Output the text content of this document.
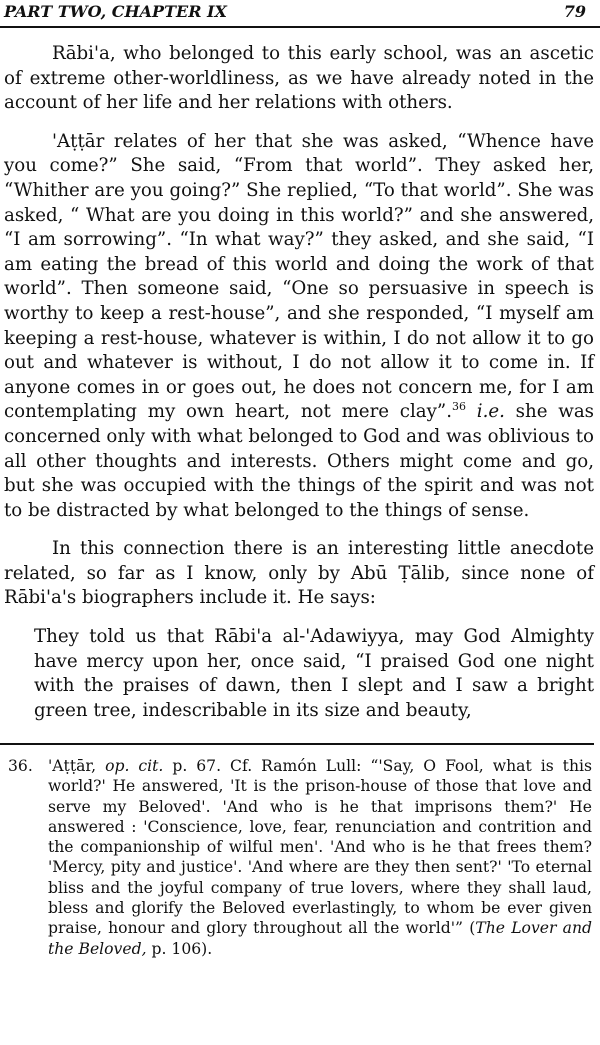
PART TWO, CHAPTER IX	79

Rābi'a, who belonged to this early school, was an ascetic of extreme other-worldliness, as we have already noted in the account of her life and her relations with others.

'Aṭṭār relates of her that she was asked, “Whence have you come?” She said, “From that world”. They asked her, “Whither are you going?” She replied, “To that world”. She was asked, “ What are you doing in this world?” and she answered, “I am sorrowing”. “In what way?” they asked, and she said, “I am eating the bread of this world and doing the work of that world”. Then someone said, “One so persuasive in speech is worthy to keep a rest-house”, and she responded, “I myself am keeping a rest-house, whatever is within, I do not allow it to go out and whatever is without, I do not allow it to come in. If anyone comes in or goes out, he does not concern me, for I am contemplating my own heart, not mere clay”.$^{36}$ i.e. she was concerned only with what belonged to God and was oblivious to all other thoughts and interests. Others might come and go, but she was occupied with the things of the spirit and was not to be distracted by what belonged to the things of sense.

In this connection there is an interesting little anecdote related, so far as I know, only by Abū Ṭālib, since none of Rābi'a's biographers include it. He says:

They told us that Rābi'a al-'Adawiyya, may God Almighty have mercy upon her, once said, “I praised God one night with the praises of dawn, then I slept and I saw a bright green tree, indescribable in its size and beauty,

36. 'Aṭṭār, op. cit. p. 67. Cf. Ramón Lull: “'Say, O Fool, what is this world?' He answered, 'It is the prison-house of those that love and serve my Beloved'. 'And who is he that imprisons them?' He answered : 'Conscience, love, fear, renunciation and contrition and the companionship of wilful men'. 'And who is he that frees them? 'Mercy, pity and justice'. 'And where are they then sent?' 'To eternal bliss and the joyful company of true lovers, where they shall laud, bless and glorify the Beloved everlastingly, to whom be ever given praise, honour and glory throughout all the world'” (The Lover and the Beloved, p. 106).
